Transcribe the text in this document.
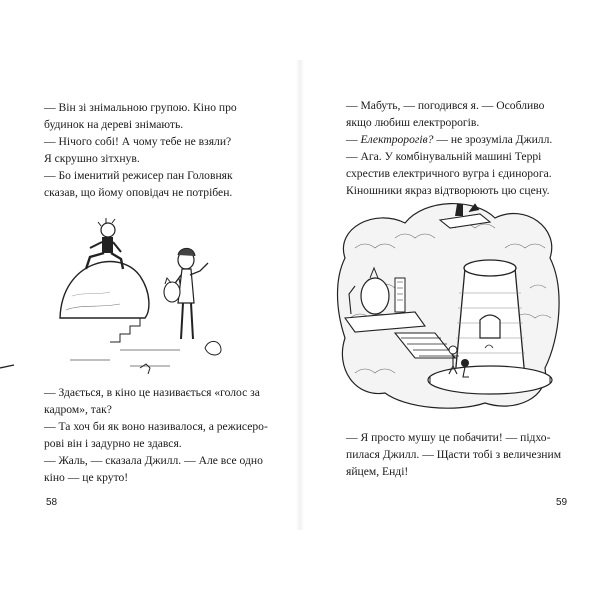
— Він зі знімальною групою. Кіно про

будинок на дереві знімають.

— Нічого собі! А чому тебе не взяли?

Я скрушно зітхнув.

— Бо іменитий режисер пан Головняк

сказав, що йому оповідач не потрібен.

— Здається, в кіно це називається «голос за

кадром», так?

— Та хоч би як воно називалося, а режисеро-

рові він і задурно не здався.

— Жаль, — сказала Джилл. — Але все одно

кіно — це круто!

58

— Мабуть, — погодився я. — Особливо

якщо любиш електророгів.

— Електророгів? — не зрозуміла Джилл.

— Ага. У комбінувальній машині Террі

схрестив електричного вугра і єдинорога.

Кіношники якраз відтворюють цю сцену.

— Я просто мушу це побачити! — підхо-

пилася Джилл. — Щасти тобі з величезним

яйцем, Енді!

59
